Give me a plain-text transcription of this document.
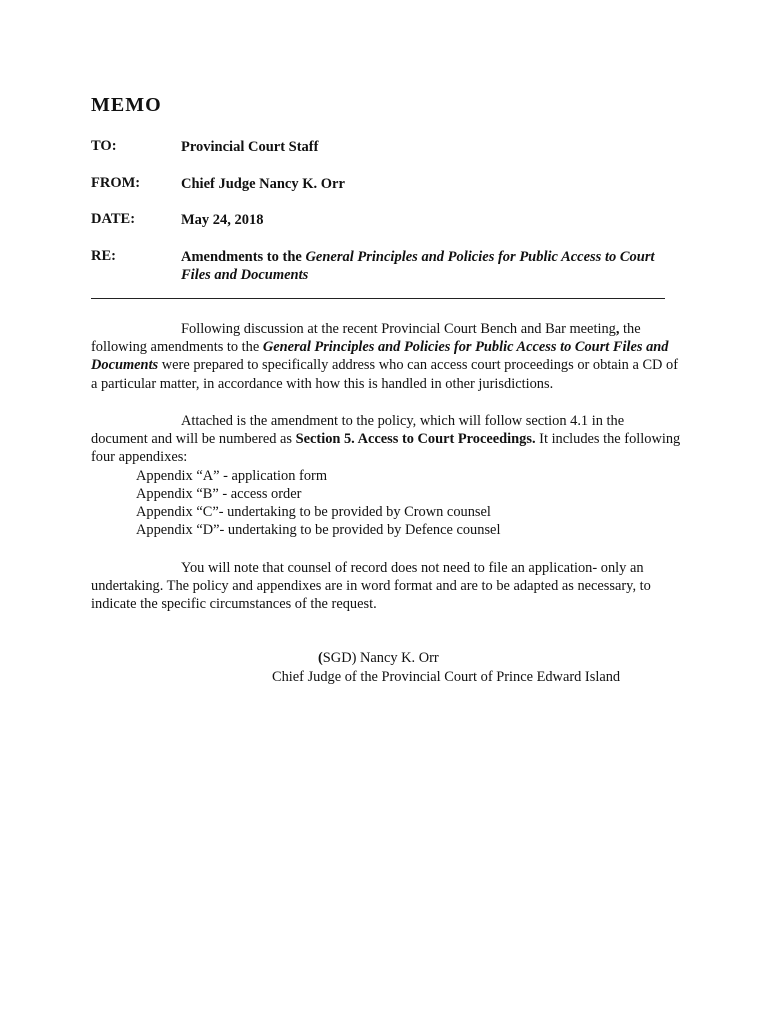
MEMO
TO:	Provincial Court Staff
FROM:	Chief Judge Nancy K. Orr
DATE:	May 24, 2018
RE:	Amendments to the General Principles and Policies for Public Access to Court Files and Documents
Following discussion at the recent Provincial Court Bench and Bar meeting, the following amendments to the General Principles and Policies for Public Access to Court Files and Documents were prepared to specifically address who can access court proceedings or obtain a CD of a particular matter, in accordance with how this is handled in other jurisdictions.
Attached is the amendment to the policy, which will follow section 4.1 in the document and will be numbered as Section 5. Access to Court Proceedings. It includes the following four appendixes:
Appendix “A” - application form
Appendix “B” - access order
Appendix “C”- undertaking to be provided by Crown counsel
Appendix “D”- undertaking to be provided by Defence counsel
You will note that counsel of record does not need to file an application- only an undertaking. The policy and appendixes are in word format and are to be adapted as necessary, to indicate the specific circumstances of the request.
(SGD) Nancy K. Orr
Chief Judge of the Provincial Court of Prince Edward Island
